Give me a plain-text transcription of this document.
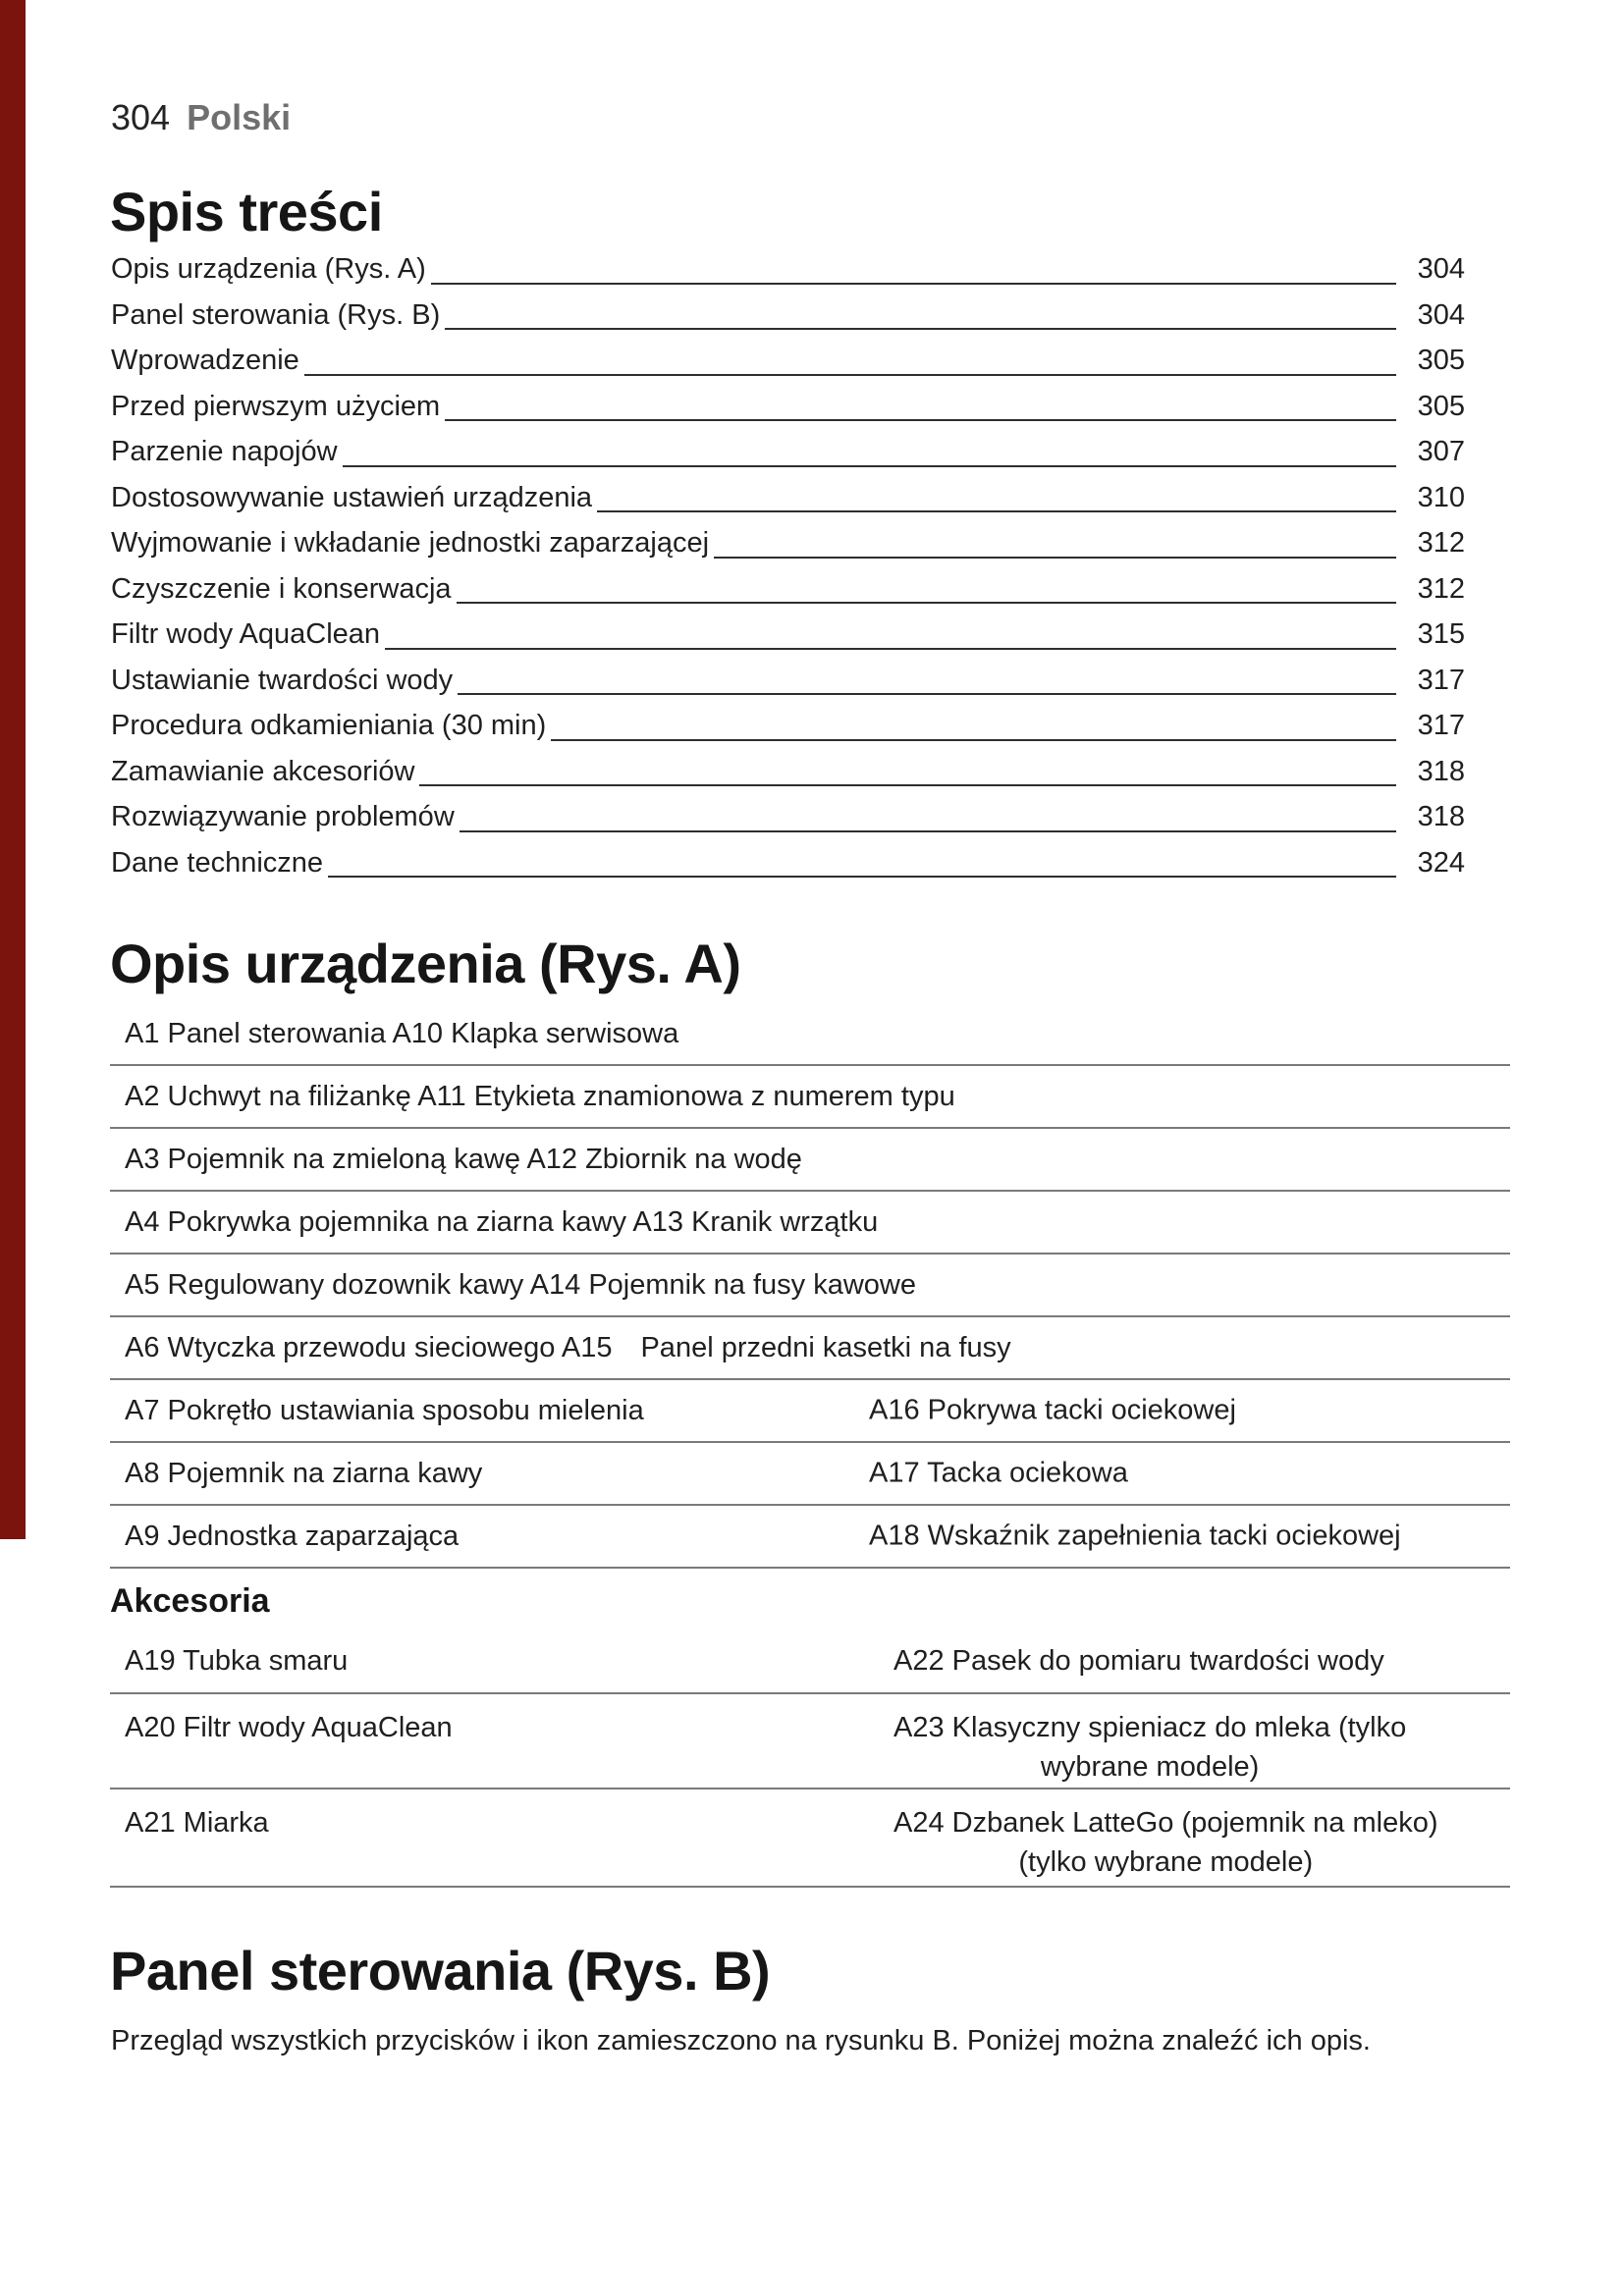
304 Polski
Spis treści
Opis urządzenia (Rys. A)	304
Panel sterowania (Rys. B)	304
Wprowadzenie	305
Przed pierwszym użyciem	305
Parzenie napojów	307
Dostosowywanie ustawień urządzenia	310
Wyjmowanie i wkładanie jednostki zaparzającej	312
Czyszczenie i konserwacja	312
Filtr wody AquaClean	315
Ustawianie twardości wody	317
Procedura odkamieniania (30 min)	317
Zamawianie akcesoriów	318
Rozwiązywanie problemów	318
Dane techniczne	324
Opis urządzenia (Rys. A)
A1 Panel sterowania A10 Klapka serwisowa
A2 Uchwyt na filiżankę A11 Etykieta znamionowa z numerem typu
A3 Pojemnik na zmieloną kawę A12 Zbiornik na wodę
A4 Pokrywka pojemnika na ziarna kawy A13 Kranik wrzątku
A5 Regulowany dozownik kawy A14 Pojemnik na fusy kawowe
A6 Wtyczka przewodu sieciowego A15 Panel przedni kasetki na fusy
A7 Pokrętło ustawiania sposobu mielenia	A16 Pokrywa tacki ociekowej
A8 Pojemnik na ziarna kawy	A17 Tacka ociekowa
A9 Jednostka zaparzająca	A18 Wskaźnik zapełnienia tacki ociekowej
Akcesoria
A19 Tubka smaru	A22 Pasek do pomiaru twardości wody
A20 Filtr wody AquaClean	A23 Klasyczny spieniacz do mleka (tylko
wybrane modele)
A21 Miarka	A24 Dzbanek LatteGo (pojemnik na mleko)
(tylko wybrane modele)
Panel sterowania (Rys. B)
Przegląd wszystkich przycisków i ikon zamieszczono na rysunku B. Poniżej można znaleźć ich opis.
